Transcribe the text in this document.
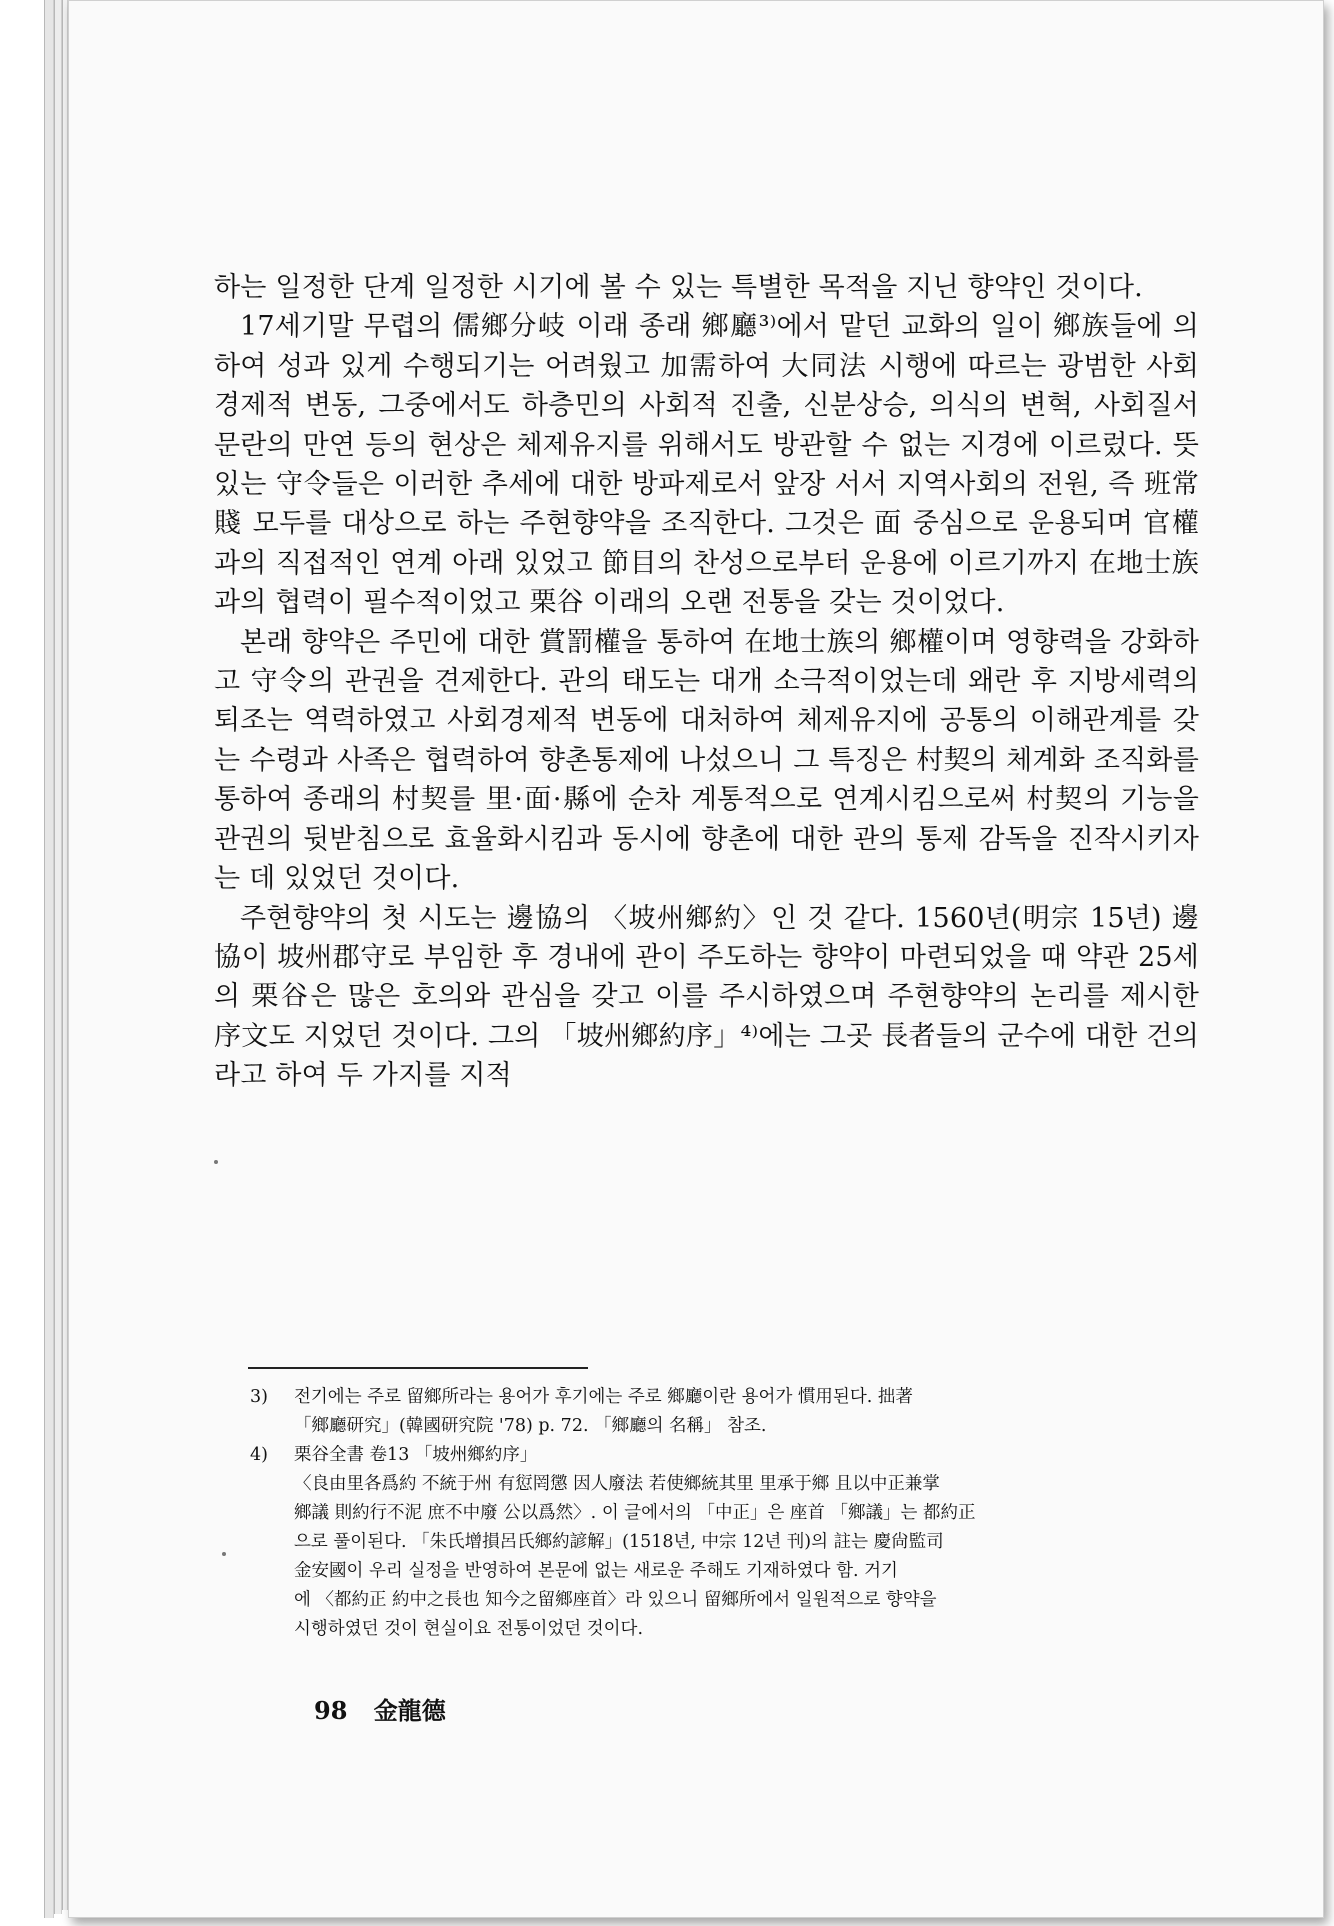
하는 일정한 단계 일정한 시기에 볼 수 있는 특별한 목적을 지닌 향약인 것이다.

17세기말 무렵의 儒鄉分岐 이래 종래 鄉廳³⁾에서 맡던 교화의 일이 鄉族들에 의하여 성과 있게 수행되기는 어려웠고 加需하여 大同法 시행에 따르는 광범한 사회경제적 변동, 그중에서도 하층민의 사회적 진출, 신분상승, 의식의 변혁, 사회질서 문란의 만연 등의 현상은 체제유지를 위해서도 방관할 수 없는 지경에 이르렀다. 뜻있는 守令들은 이러한 추세에 대한 방파제로서 앞장 서서 지역사회의 전원, 즉 班常賤 모두를 대상으로 하는 주현향약을 조직한다. 그것은 面 중심으로 운용되며 官權과의 직접적인 연계 아래 있었고 節目의 찬성으로부터 운용에 이르기까지 在地士族과의 협력이 필수적이었고 栗谷 이래의 오랜 전통을 갖는 것이었다.

본래 향약은 주민에 대한 賞罰權을 통하여 在地士族의 鄉權이며 영향력을 강화하고 守令의 관권을 견제한다. 관의 태도는 대개 소극적이었는데 왜란 후 지방세력의 퇴조는 역력하였고 사회경제적 변동에 대처하여 체제유지에 공통의 이해관계를 갖는 수령과 사족은 협력하여 향촌통제에 나섰으니 그 특징은 村契의 체계화 조직화를 통하여 종래의 村契를 里·面·縣에 순차 계통적으로 연계시킴으로써 村契의 기능을 관권의 뒷받침으로 효율화시킴과 동시에 향촌에 대한 관의 통제 감독을 진작시키자는 데 있었던 것이다.

주현향약의 첫 시도는 邊協의 〈坡州鄉約〉인 것 같다. 1560년(明宗 15년) 邊協이 坡州郡守로 부임한 후 경내에 관이 주도하는 향약이 마련되었을 때 약관 25세의 栗谷은 많은 호의와 관심을 갖고 이를 주시하였으며 주현향약의 논리를 제시한 序文도 지었던 것이다. 그의 「坡州鄉約序」⁴⁾에는 그곳 長者들의 군수에 대한 건의라고 하여 두 가지를 지적

3)	전기에는 주로 留鄉所라는 용어가 후기에는 주로 鄉廳이란 용어가 慣用된다. 拙著
「鄉廳研究」(韓國研究院 '78) p. 72. 「鄉廳의 名稱」 참조.
4)	栗谷全書 卷13 「坡州鄉約序」
〈良由里各爲約 不統于州 有愆罔懲 因人廢法 若使鄉統其里 里承于鄉 且以中正兼掌
鄉議 則約行不泥 庶不中廢 公以爲然〉. 이 글에서의 「中正」은 座首 「鄉議」는 都約正
으로 풀이된다. 「朱氏增損呂氏鄉約諺解」(1518년, 中宗 12년 刊)의 註는 慶尙監司
金安國이 우리 실정을 반영하여 본문에 없는 새로운 주해도 기재하였다 함. 거기
에 〈都約正 約中之長也 知今之留鄉座首〉라 있으니 留鄉所에서 일원적으로 향약을
시행하였던 것이 현실이요 전통이었던 것이다.
98 金龍德
